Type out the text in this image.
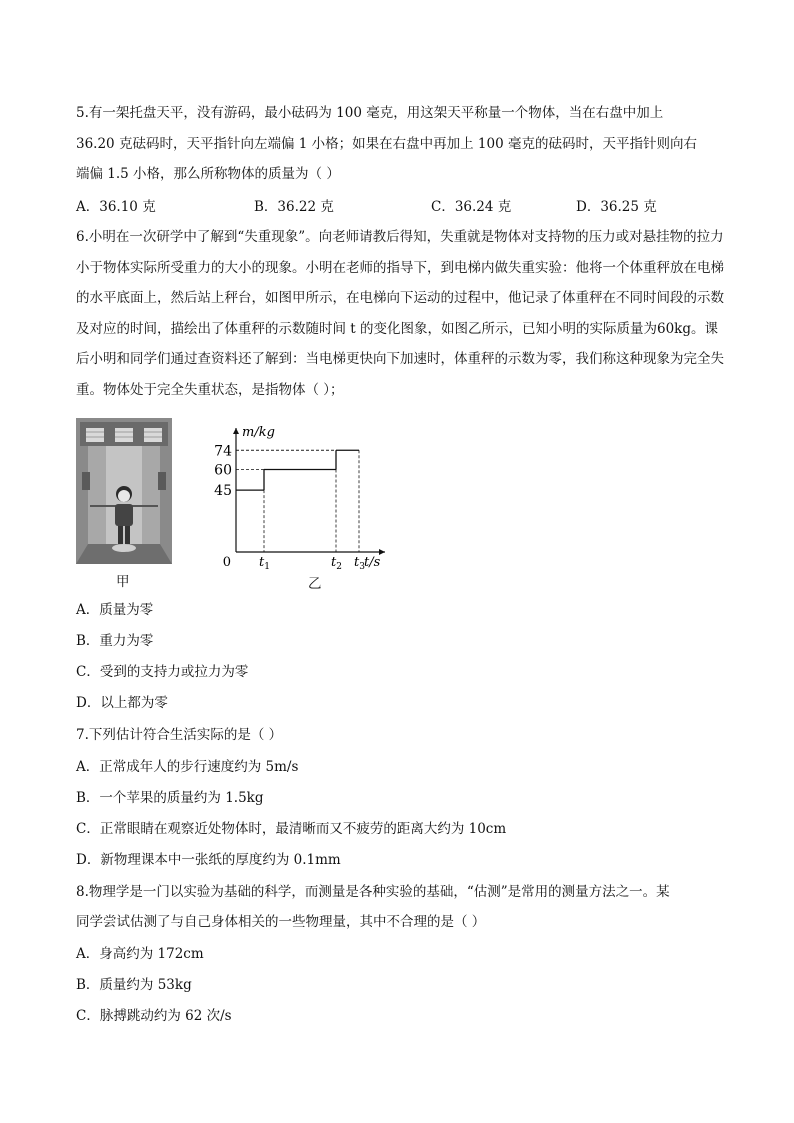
5.有一架托盘天平，没有游码，最小砝码为 100 毫克，用这架天平称量一个物体，当在右盘中加上
36.20 克砝码时，天平指针向左端偏 1 小格；如果在右盘中再加上 100 毫克的砝码时，天平指针则向右
端偏 1.5 小格，那么所称物体的质量为（ ）
A．36.10 克	B．36.22 克	C．36.24 克	D．36.25 克
6.小明在一次研学中了解到“失重现象”。向老师请教后得知，失重就是物体对支持物的压力或对悬挂物的拉力小于物体实际所受重力的大小的现象。小明在老师的指导下，到电梯内做失重实验：他将一个体重秤放在电梯的水平底面上，然后站上秤台，如图甲所示，在电梯向下运动的过程中，他记录了体重秤在不同时间段的示数及对应的时间，描绘出了体重秤的示数随时间 t 的变化图象，如图乙所示，已知小明的实际质量为60kg。课后小明和同学们通过查资料还了解到：当电梯更快向下加速时，体重秤的示数为零，我们称这种现象为完全失重。物体处于完全失重状态，是指物体（ ）；
甲
m/kg
t/s
0
45
60
74
$t_1$	$t_2$ $t_3$
乙
A．质量为零
B．重力为零
C．受到的支持力或拉力为零
D．以上都为零
7.下列估计符合生活实际的是（ ）
A．正常成年人的步行速度约为 5m/s
B．一个苹果的质量约为 1.5kg
C．正常眼睛在观察近处物体时，最清晰而又不疲劳的距离大约为 10cm
D．新物理课本中一张纸的厚度约为 0.1mm
8.物理学是一门以实验为基础的科学，而测量是各种实验的基础，“估测”是常用的测量方法之一。某
同学尝试估测了与自己身体相关的一些物理量，其中不合理的是（ ）
A．身高约为 172cm
B．质量约为 53kg
C．脉搏跳动约为 62 次/s
